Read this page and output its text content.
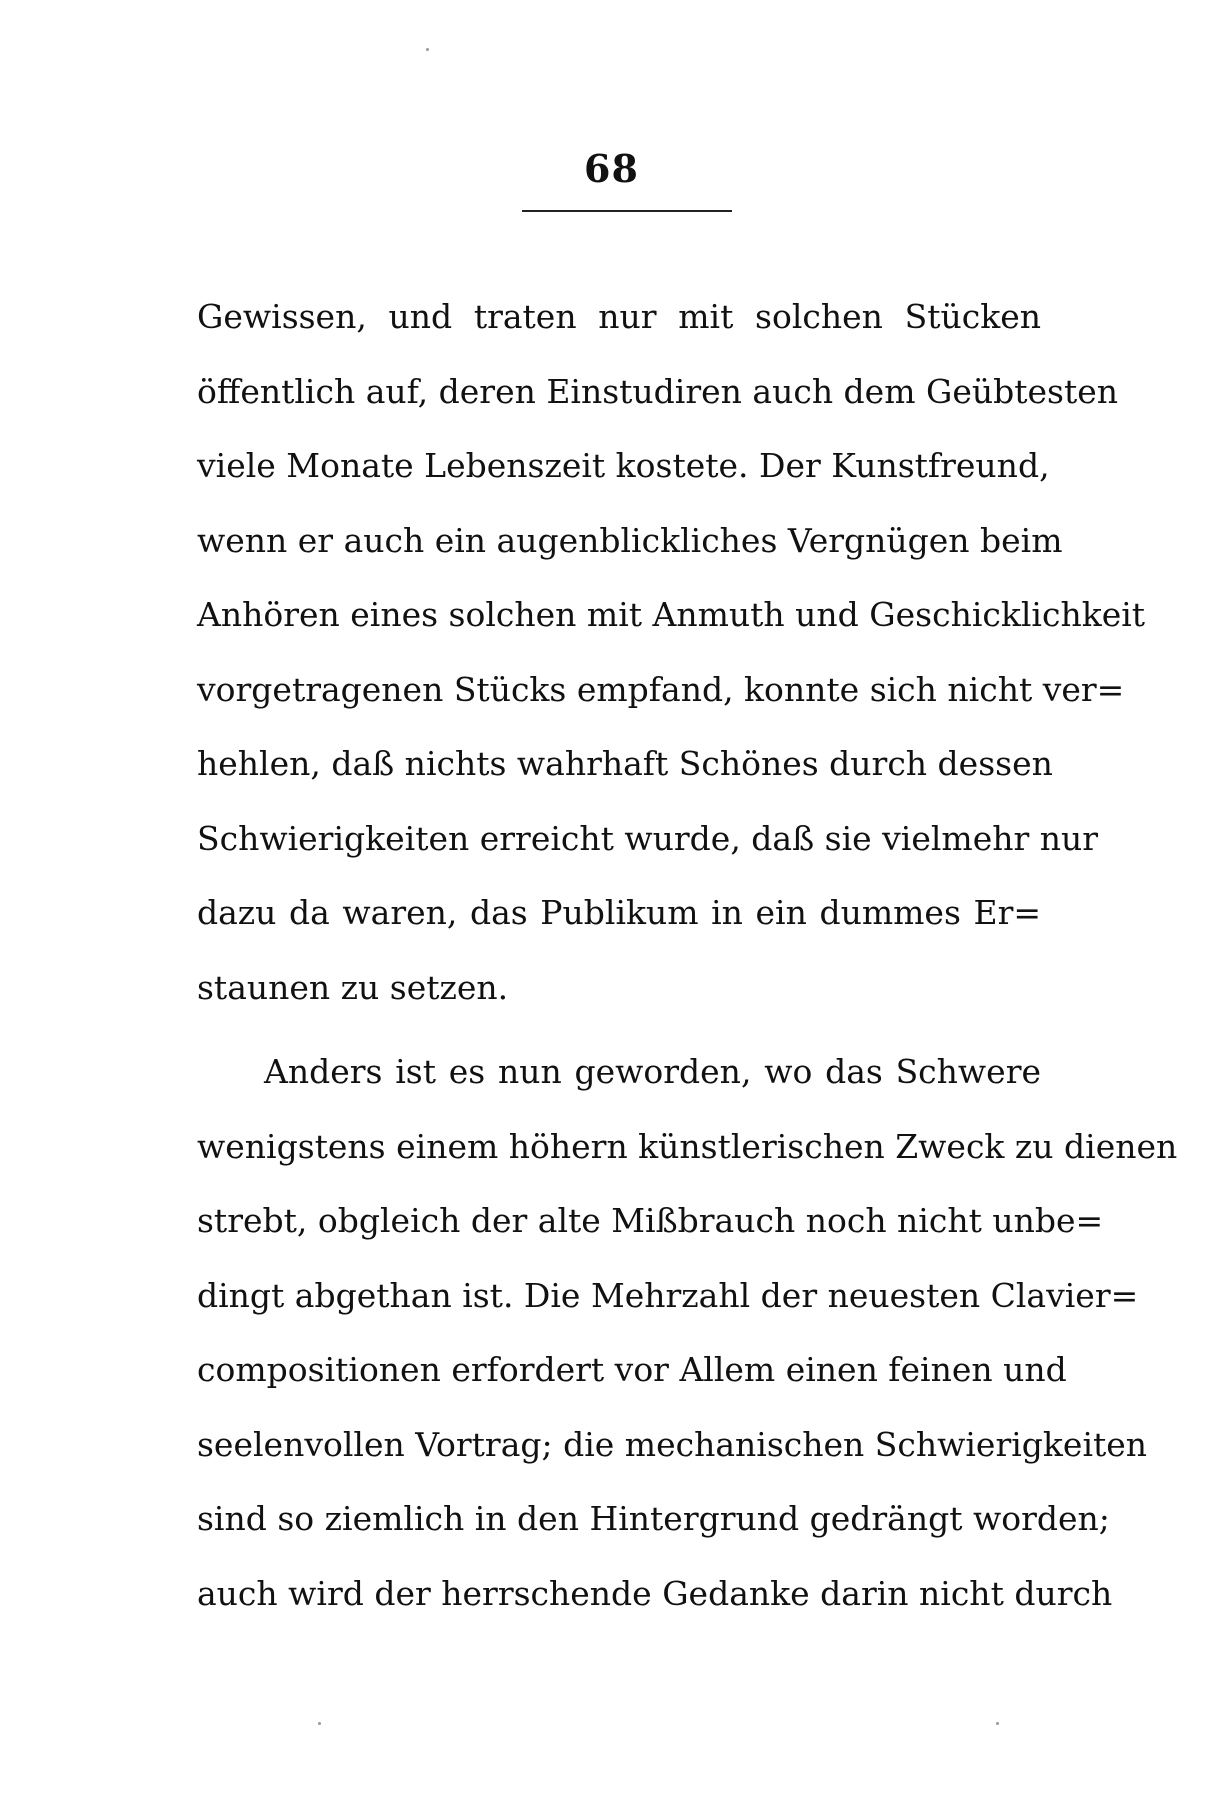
68
Gewissen, und traten nur mit solchen Stücken
öffentlich auf, deren Einstudiren auch dem Geübtesten
viele Monate Lebenszeit kostete. Der Kunstfreund,
wenn er auch ein augenblickliches Vergnügen beim
Anhören eines solchen mit Anmuth und Geschicklichkeit
vorgetragenen Stücks empfand, konnte sich nicht ver=
hehlen, daß nichts wahrhaft Schönes durch dessen
Schwierigkeiten erreicht wurde, daß sie vielmehr nur
dazu da waren, das Publikum in ein dummes Er=
staunen zu setzen.
Anders ist es nun geworden, wo das Schwere
wenigstens einem höhern künstlerischen Zweck zu dienen
strebt, obgleich der alte Mißbrauch noch nicht unbe=
dingt abgethan ist. Die Mehrzahl der neuesten Clavier=
compositionen erfordert vor Allem einen feinen und
seelenvollen Vortrag; die mechanischen Schwierigkeiten
sind so ziemlich in den Hintergrund gedrängt worden;
auch wird der herrschende Gedanke darin nicht durch
